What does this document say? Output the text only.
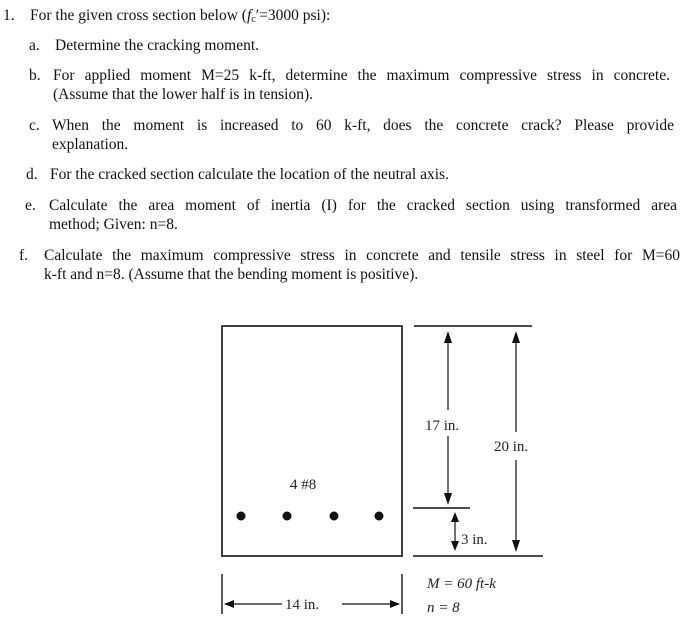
1. For the given cross section below ($f_c'=3000$ psi):
a. Determine the cracking moment.
b. For applied moment M=25 k-ft, determine the maximum compressive stress in concrete.
(Assume that the lower half is in tension).
c. When the moment is increased to 60 k-ft, does the concrete crack? Please provide
explanation.
d. For the cracked section calculate the location of the neutral axis.
e. Calculate the area moment of inertia (I) for the cracked section using transformed area
method; Given: n=8.
f. Calculate the maximum compressive stress in concrete and tensile stress in steel for M=60
k-ft and n=8. (Assume that the bending moment is positive).
4 #8
14 in.
17 in.
20 in.
3 in.
M = 60 ft-k
n = 8
